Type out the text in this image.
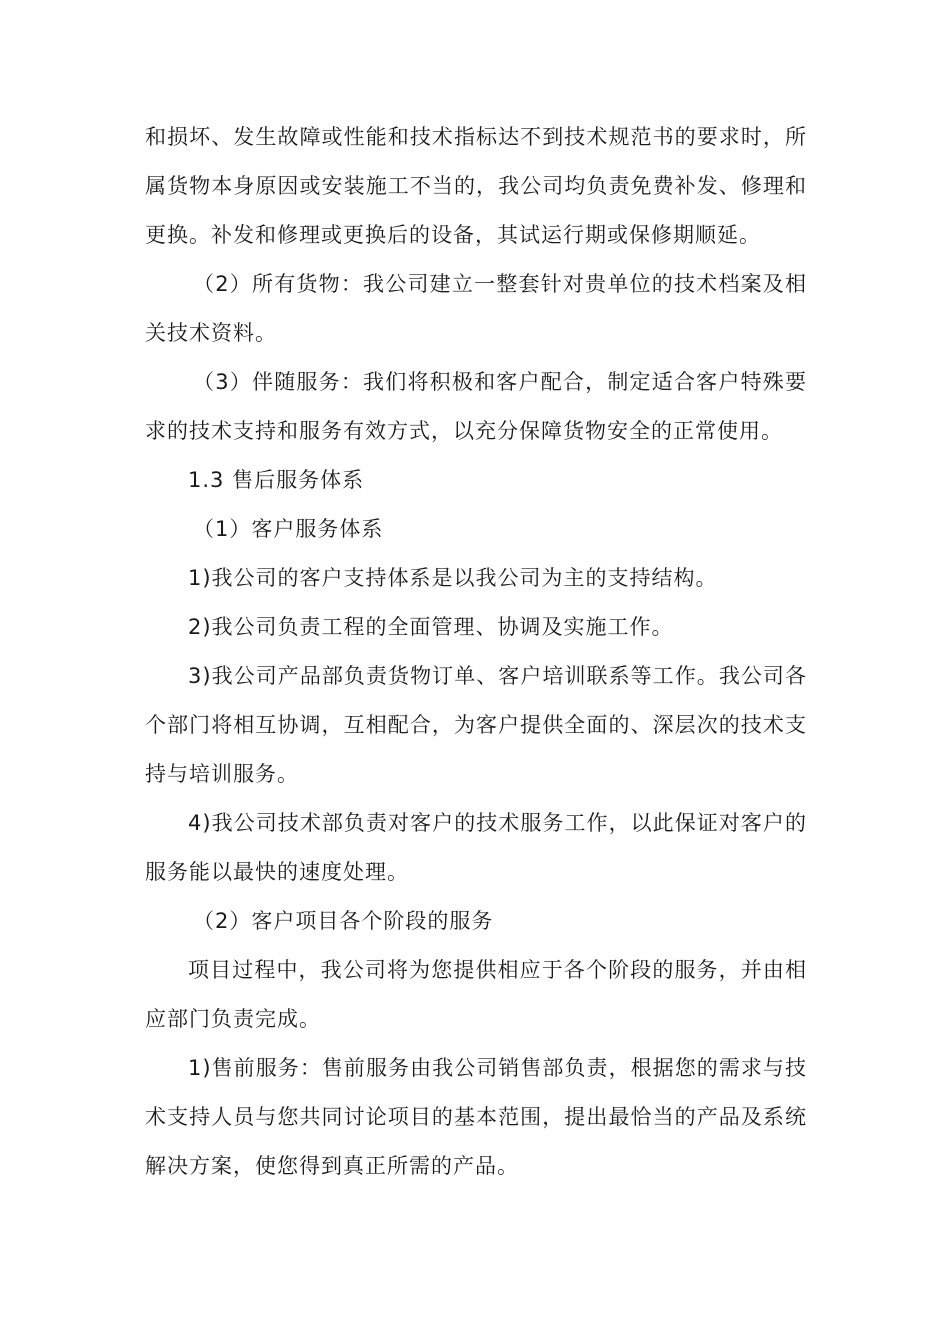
和损坏、发生故障或性能和技术指标达不到技术规范书的要求时，所属货物本身原因或安装施工不当的，我公司均负责免费补发、修理和更换。补发和修理或更换后的设备，其试运行期或保修期顺延。

（2）所有货物：我公司建立一整套针对贵单位的技术档案及相关技术资料。

（3）伴随服务：我们将积极和客户配合，制定适合客户特殊要求的技术支持和服务有效方式，以充分保障货物安全的正常使用。

1.3 售后服务体系

（1）客户服务体系

1)我公司的客户支持体系是以我公司为主的支持结构。

2)我公司负责工程的全面管理、协调及实施工作。

3)我公司产品部负责货物订单、客户培训联系等工作。我公司各个部门将相互协调，互相配合，为客户提供全面的、深层次的技术支持与培训服务。

4)我公司技术部负责对客户的技术服务工作，以此保证对客户的服务能以最快的速度处理。

（2）客户项目各个阶段的服务

项目过程中，我公司将为您提供相应于各个阶段的服务，并由相应部门负责完成。

1)售前服务：售前服务由我公司销售部负责，根据您的需求与技术支持人员与您共同讨论项目的基本范围，提出最恰当的产品及系统解决方案，使您得到真正所需的产品。
